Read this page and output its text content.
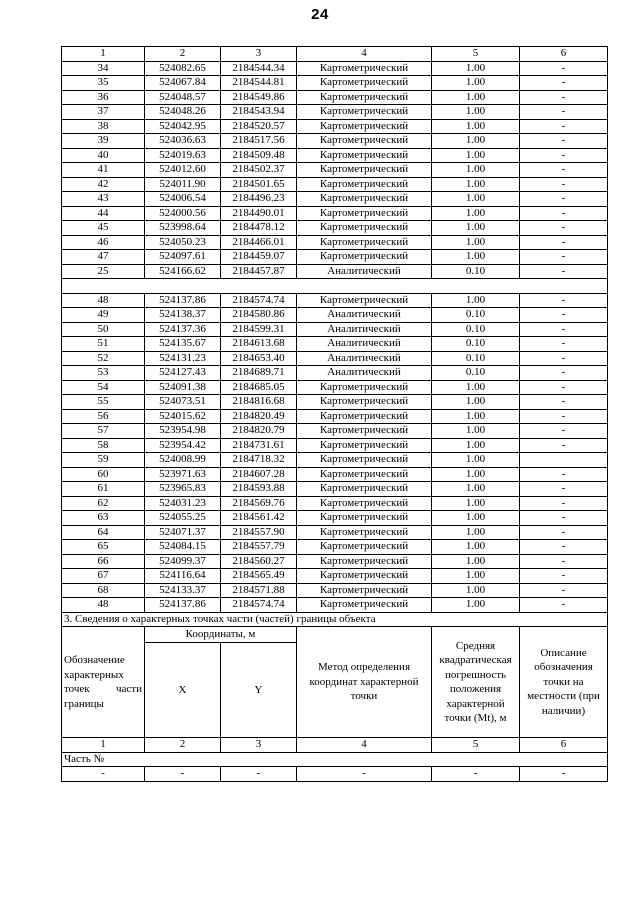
24
1	2	3	4	5	6
34	524082.65	2184544.34	Картометрический	1.00	-
35	524067.84	2184544.81	Картометрический	1.00	-
36	524048.57	2184549.86	Картометрический	1.00	-
37	524048.26	2184543.94	Картометрический	1.00	-
38	524042.95	2184520.57	Картометрический	1.00	-
39	524036.63	2184517.56	Картометрический	1.00	-
40	524019.63	2184509.48	Картометрический	1.00	-
41	524012.60	2184502.37	Картометрический	1.00	-
42	524011.90	2184501.65	Картометрический	1.00	-
43	524006.54	2184496.23	Картометрический	1.00	-
44	524000.56	2184490.01	Картометрический	1.00	-
45	523998.64	2184478.12	Картометрический	1.00	-
46	524050.23	2184466.01	Картометрический	1.00	-
47	524097.61	2184459.07	Картометрический	1.00	-
25	524166.62	2184457.87	Аналитический	0.10	-

48	524137.86	2184574.74	Картометрический	1.00	-
49	524138.37	2184580.86	Аналитический	0.10	-
50	524137.36	2184599.31	Аналитический	0.10	-
51	524135.67	2184613.68	Аналитический	0.10	-
52	524131.23	2184653.40	Аналитический	0.10	-
53	524127.43	2184689.71	Аналитический	0.10	-
54	524091.38	2184685.05	Картометрический	1.00	-
55	524073.51	2184816.68	Картометрический	1.00	-
56	524015.62	2184820.49	Картометрический	1.00	-
57	523954.98	2184820.79	Картометрический	1.00	-
58	523954.42	2184731.61	Картометрический	1.00	-
59	524008.99	2184718.32	Картометрический	1.00	
60	523971.63	2184607.28	Картометрический	1.00	-
61	523965.83	2184593.88	Картометрический	1.00	-
62	524031.23	2184569.76	Картометрический	1.00	-
63	524055.25	2184561.42	Картометрический	1.00	-
64	524071.37	2184557.90	Картометрический	1.00	-
65	524084.15	2184557.79	Картометрический	1.00	-
66	524099.37	2184560.27	Картометрический	1.00	-
67	524116.64	2184565.49	Картометрический	1.00	-
68	524133.37	2184571.88	Картометрический	1.00	-
48	524137.86	2184574.74	Картометрический	1.00	-
3. Сведения о характерных точках части (частей) границы объекта					
Обозначение характерных точек части границы	Координаты, м		Метод определения координат характерной точки	Средняя квадратическая погрешность положения характерной точки (Mt), м	Описание обозначения точки на местности (при наличии)
	X	Y			
1	2	3	4	5	6
Часть №					
-	-	-	-	-	-
